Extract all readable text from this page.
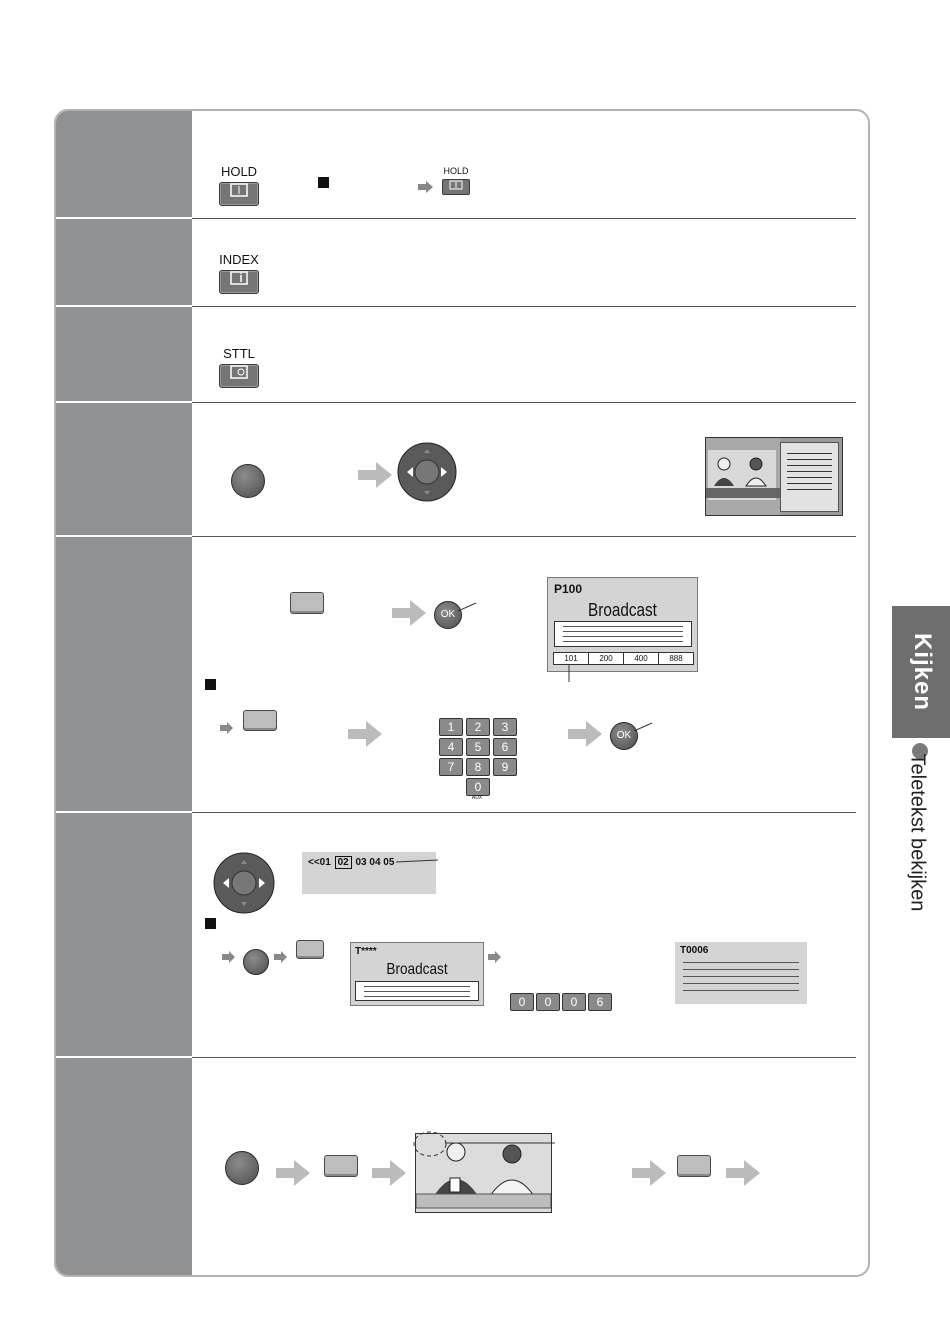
HOLD	HOLD
INDEX
STTL
OK
P100
Broadcast
101	200	400	888
1	2	3
4	5	6
7	8	9
0
AUX
OK
<<01 02 03 04 05
T****
Broadcast
0	0	0	6
T0006
Kijken
Teletekst bekijken
